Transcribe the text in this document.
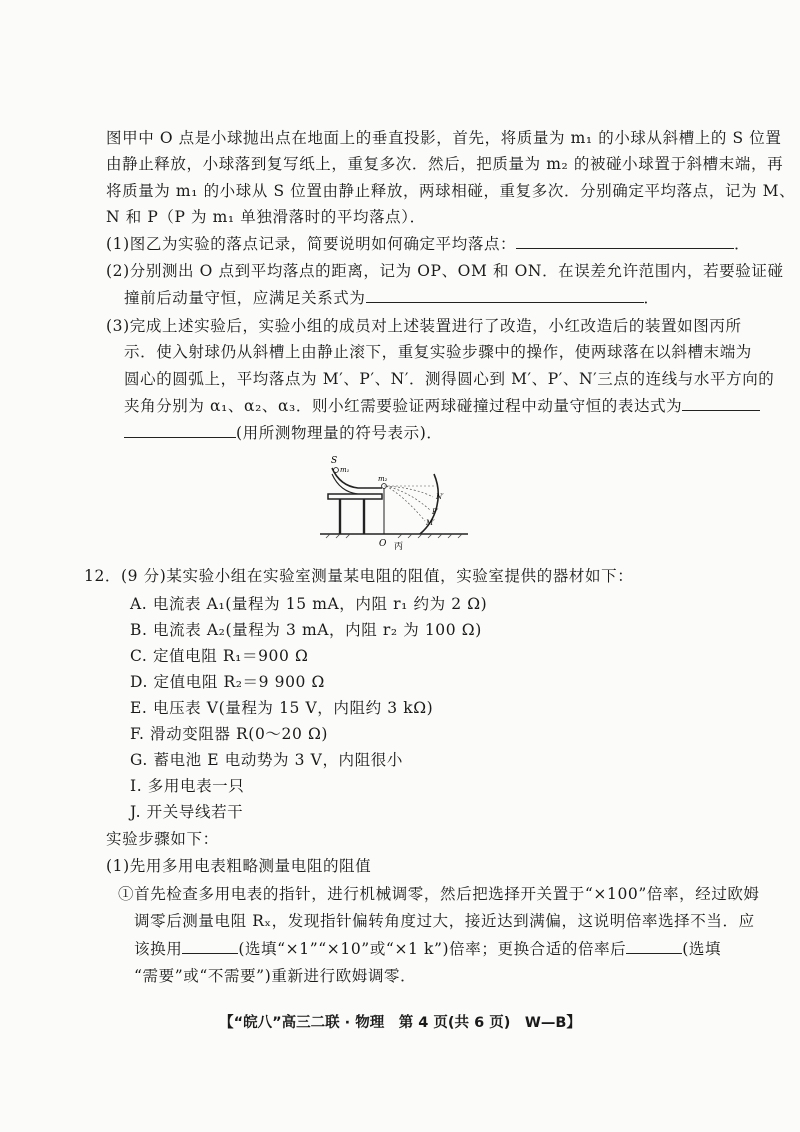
图甲中 O 点是小球抛出点在地面上的垂直投影，首先，将质量为 m₁ 的小球从斜槽上的 S 位置
由静止释放，小球落到复写纸上，重复多次．然后，把质量为 m₂ 的被碰小球置于斜槽末端，再
将质量为 m₁ 的小球从 S 位置由静止释放，两球相碰，重复多次．分别确定平均落点，记为 M、
N 和 P（P 为 m₁ 单独滑落时的平均落点）．
(1)图乙为实验的落点记录，简要说明如何确定平均落点：	．
(2)分别测出 O 点到平均落点的距离，记为 OP、OM 和 ON．在误差允许范围内，若要验证碰
撞前后动量守恒，应满足关系式为	．
(3)完成上述实验后，实验小组的成员对上述装置进行了改造，小红改造后的装置如图丙所
示．使入射球仍从斜槽上由静止滚下，重复实验步骤中的操作，使两球落在以斜槽末端为
圆心的圆弧上，平均落点为 M′、P′、N′．测得圆心到 M′、P′、N′三点的连线与水平方向的
夹角分别为 α₁、α₂、α₃．则小红需要验证两球碰撞过程中动量守恒的表达式为
(用所测物理量的符号表示)．
S
m₁
m₂
N′
P′
M′
O 丙
12．(9 分)某实验小组在实验室测量某电阻的阻值，实验室提供的器材如下：
A. 电流表 A₁(量程为 15 mA，内阻 r₁ 约为 2 Ω)
B. 电流表 A₂(量程为 3 mA，内阻 r₂ 为 100 Ω)
C. 定值电阻 R₁＝900 Ω
D. 定值电阻 R₂＝9 900 Ω
E. 电压表 V(量程为 15 V，内阻约 3 kΩ)
F. 滑动变阻器 R(0～20 Ω)
G. 蓄电池 E 电动势为 3 V，内阻很小
I. 多用电表一只
J. 开关导线若干
实验步骤如下：
(1)先用多用电表粗略测量电阻的阻值
①首先检查多用电表的指针，进行机械调零，然后把选择开关置于“×100”倍率，经过欧姆
调零后测量电阻 Rₓ，发现指针偏转角度过大，接近达到满偏，这说明倍率选择不当．应
该换用	(选填“×1”“×10”或“×1 k”)倍率；更换合适的倍率后	(选填
“需要”或“不需要”)重新进行欧姆调零．
【“皖八”高三二联 · 物理　第 4 页(共 6 页)　W—B】
